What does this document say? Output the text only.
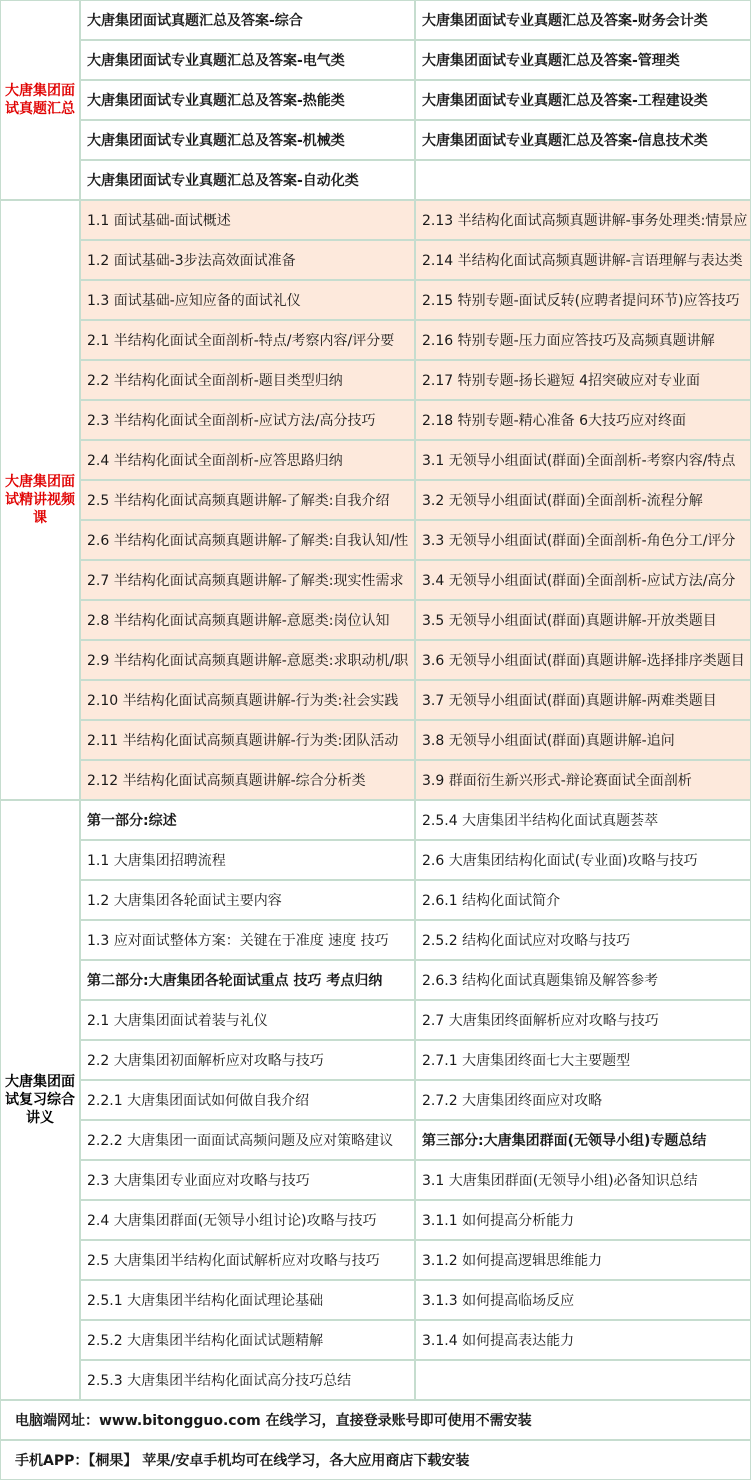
大唐集团面试真题汇总	大唐集团面试真题汇总及答案-综合	大唐集团面试专业真题汇总及答案-财务会计类
	大唐集团面试专业真题汇总及答案-电气类	大唐集团面试专业真题汇总及答案-管理类
	大唐集团面试专业真题汇总及答案-热能类	大唐集团面试专业真题汇总及答案-工程建设类
	大唐集团面试专业真题汇总及答案-机械类	大唐集团面试专业真题汇总及答案-信息技术类
	大唐集团面试专业真题汇总及答案-自动化类	
大唐集团面试精讲视频课	1.1 面试基础-面试概述	2.13 半结构化面试高频真题讲解-事务处理类:情景应
	1.2 面试基础-3步法高效面试准备	2.14 半结构化面试高频真题讲解-言语理解与表达类
	1.3 面试基础-应知应备的面试礼仪	2.15 特别专题-面试反转(应聘者提问环节)应答技巧
	2.1 半结构化面试全面剖析-特点/考察内容/评分要	2.16 特别专题-压力面应答技巧及高频真题讲解
	2.2 半结构化面试全面剖析-题目类型归纳	2.17 特别专题-扬长避短 4招突破应对专业面
	2.3 半结构化面试全面剖析-应试方法/高分技巧	2.18 特别专题-精心准备 6大技巧应对终面
	2.4 半结构化面试全面剖析-应答思路归纳	3.1 无领导小组面试(群面)全面剖析-考察内容/特点
	2.5 半结构化面试高频真题讲解-了解类:自我介绍	3.2 无领导小组面试(群面)全面剖析-流程分解
	2.6 半结构化面试高频真题讲解-了解类:自我认知/性	3.3 无领导小组面试(群面)全面剖析-角色分工/评分
	2.7 半结构化面试高频真题讲解-了解类:现实性需求	3.4 无领导小组面试(群面)全面剖析-应试方法/高分
	2.8 半结构化面试高频真题讲解-意愿类:岗位认知	3.5 无领导小组面试(群面)真题讲解-开放类题目
	2.9 半结构化面试高频真题讲解-意愿类:求职动机/职	3.6 无领导小组面试(群面)真题讲解-选择排序类题目
	2.10 半结构化面试高频真题讲解-行为类:社会实践	3.7 无领导小组面试(群面)真题讲解-两难类题目
	2.11 半结构化面试高频真题讲解-行为类:团队活动	3.8 无领导小组面试(群面)真题讲解-追问
	2.12 半结构化面试高频真题讲解-综合分析类	3.9 群面衍生新兴形式-辩论赛面试全面剖析
大唐集团面试复习综合讲义	第一部分:综述	2.5.4 大唐集团半结构化面试真题荟萃
	1.1 大唐集团招聘流程	2.6 大唐集团结构化面试(专业面)攻略与技巧
	1.2 大唐集团各轮面试主要内容	2.6.1 结构化面试简介
	1.3 应对面试整体方案：关键在于准度 速度 技巧	2.5.2 结构化面试应对攻略与技巧
	第二部分:大唐集团各轮面试重点 技巧 考点归纳	2.6.3 结构化面试真题集锦及解答参考
	2.1 大唐集团面试着装与礼仪	2.7 大唐集团终面解析应对攻略与技巧
	2.2 大唐集团初面解析应对攻略与技巧	2.7.1 大唐集团终面七大主要题型
	2.2.1 大唐集团面试如何做自我介绍	2.7.2 大唐集团终面应对攻略
	2.2.2 大唐集团一面面试高频问题及应对策略建议	第三部分:大唐集团群面(无领导小组)专题总结
	2.3 大唐集团专业面应对攻略与技巧	3.1 大唐集团群面(无领导小组)必备知识总结
	2.4 大唐集团群面(无领导小组讨论)攻略与技巧	3.1.1 如何提高分析能力
	2.5 大唐集团半结构化面试解析应对攻略与技巧	3.1.2 如何提高逻辑思维能力
	2.5.1 大唐集团半结构化面试理论基础	3.1.3 如何提高临场反应
	2.5.2 大唐集团半结构化面试试题精解	3.1.4 如何提高表达能力
	2.5.3 大唐集团半结构化面试高分技巧总结	
电脑端网址：www.bitongguo.com 在线学习，直接登录账号即可使用不需安装		
手机APP：【桐果】 苹果/安卓手机均可在线学习，各大应用商店下载安装		
